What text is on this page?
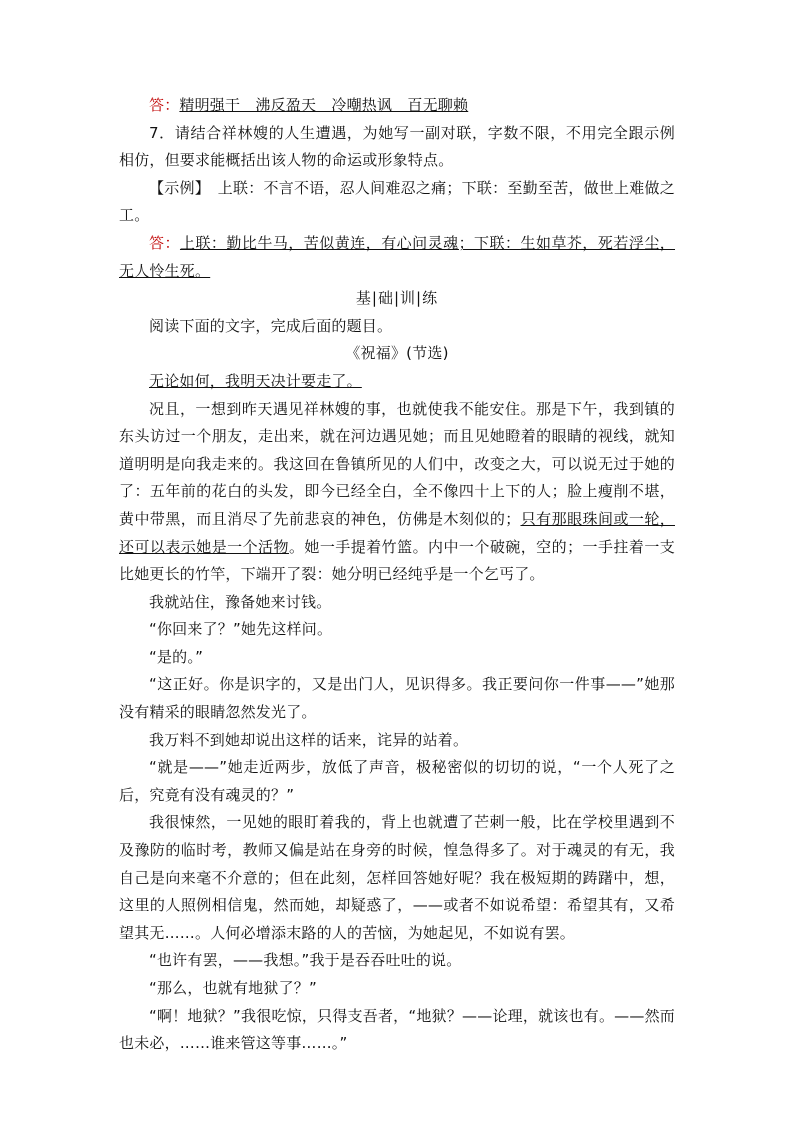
答：精明强干　沸反盈天　冷嘲热讽　百无聊赖

7．请结合祥林嫂的人生遭遇，为她写一副对联，字数不限，不用完全跟示例相仿，但要求能概括出该人物的命运或形象特点。

【示例】　上联：不言不语，忍人间难忍之痛；下联：至勤至苦，做世上难做之工。

答：上联：勤比牛马，苦似黄连，有心问灵魂；下联：生如草芥，死若浮尘，无人怜生死。

基|础|训|练

阅读下面的文字，完成后面的题目。

《祝福》(节选)

无论如何，我明天决计要走了。

况且，一想到昨天遇见祥林嫂的事，也就使我不能安住。那是下午，我到镇的东头访过一个朋友，走出来，就在河边遇见她；而且见她瞪着的眼睛的视线，就知道明明是向我走来的。我这回在鲁镇所见的人们中，改变之大，可以说无过于她的了：五年前的花白的头发，即今已经全白，全不像四十上下的人；脸上瘦削不堪，黄中带黑，而且消尽了先前悲哀的神色，仿佛是木刻似的；只有那眼珠间或一轮，还可以表示她是一个活物。她一手提着竹篮。内中一个破碗，空的；一手拄着一支比她更长的竹竿，下端开了裂：她分明已经纯乎是一个乞丐了。

我就站住，豫备她来讨钱。

“你回来了？”她先这样问。

“是的。”

“这正好。你是识字的，又是出门人，见识得多。我正要问你一件事——”她那没有精采的眼睛忽然发光了。

我万料不到她却说出这样的话来，诧异的站着。

“就是——”她走近两步，放低了声音，极秘密似的切切的说，“一个人死了之后，究竟有没有魂灵的？”

我很悚然，一见她的眼盯着我的，背上也就遭了芒刺一般，比在学校里遇到不及豫防的临时考，教师又偏是站在身旁的时候，惶急得多了。对于魂灵的有无，我自己是向来毫不介意的；但在此刻，怎样回答她好呢？我在极短期的踌躇中，想，这里的人照例相信鬼，然而她，却疑惑了，——或者不如说希望：希望其有，又希望其无……。人何必增添末路的人的苦恼，为她起见，不如说有罢。

“也许有罢，——我想。”我于是吞吞吐吐的说。

“那么，也就有地狱了？”

“啊！地狱？”我很吃惊，只得支吾者，“地狱？——论理，就该也有。——然而也未必，……谁来管这等事……。”
